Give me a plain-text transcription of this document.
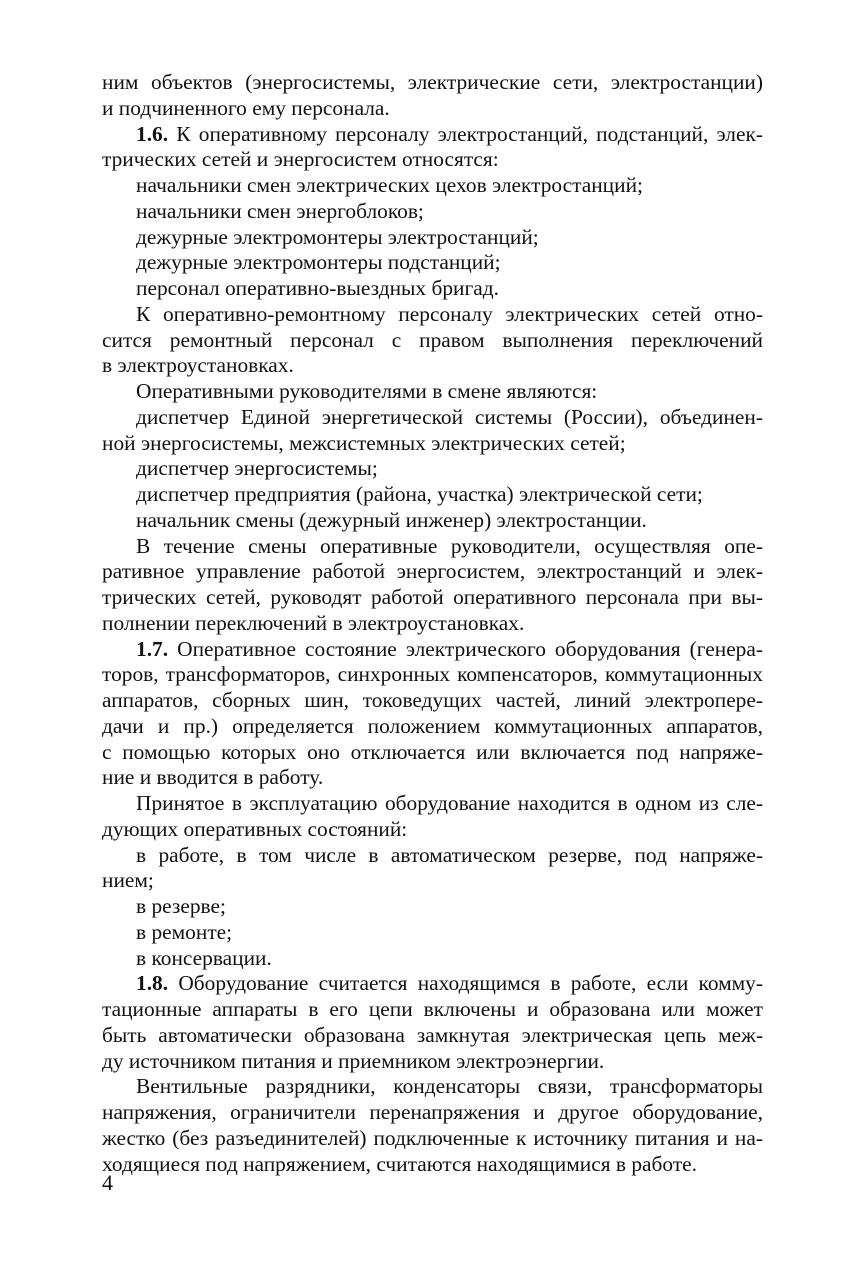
ним объектов (энергосистемы, электрические сети, электростанции)
и подчиненного ему персонала.
1.6. К оперативному персоналу электростанций, подстанций, элек-
трических сетей и энергосистем относятся:
начальники смен электрических цехов электростанций;
начальники смен энергоблоков;
дежурные электромонтеры электростанций;
дежурные электромонтеры подстанций;
персонал оперативно-выездных бригад.
К оперативно-ремонтному персоналу электрических сетей отно-
сится ремонтный персонал с правом выполнения переключений
в электроустановках.
Оперативными руководителями в смене являются:
диспетчер Единой энергетической системы (России), объединен-
ной энергосистемы, межсистемных электрических сетей;
диспетчер энергосистемы;
диспетчер предприятия (района, участка) электрической сети;
начальник смены (дежурный инженер) электростанции.
В течение смены оперативные руководители, осуществляя опе-
ративное управление работой энергосистем, электростанций и элек-
трических сетей, руководят работой оперативного персонала при вы-
полнении переключений в электроустановках.
1.7. Оперативное состояние электрического оборудования (генера-
торов, трансформаторов, синхронных компенсаторов, коммутационных
аппаратов, сборных шин, токоведущих частей, линий электропере-
дачи и пр.) определяется положением коммутационных аппаратов,
с помощью которых оно отключается или включается под напряже-
ние и вводится в работу.
Принятое в эксплуатацию оборудование находится в одном из сле-
дующих оперативных состояний:
в работе, в том числе в автоматическом резерве, под напряже-
нием;
в резерве;
в ремонте;
в консервации.
1.8. Оборудование считается находящимся в работе, если комму-
тационные аппараты в его цепи включены и образована или может
быть автоматически образована замкнутая электрическая цепь меж-
ду источником питания и приемником электроэнергии.
Вентильные разрядники, конденсаторы связи, трансформаторы
напряжения, ограничители перенапряжения и другое оборудование,
жестко (без разъединителей) подключенные к источнику питания и на-
ходящиеся под напряжением, считаются находящимися в работе.
4
